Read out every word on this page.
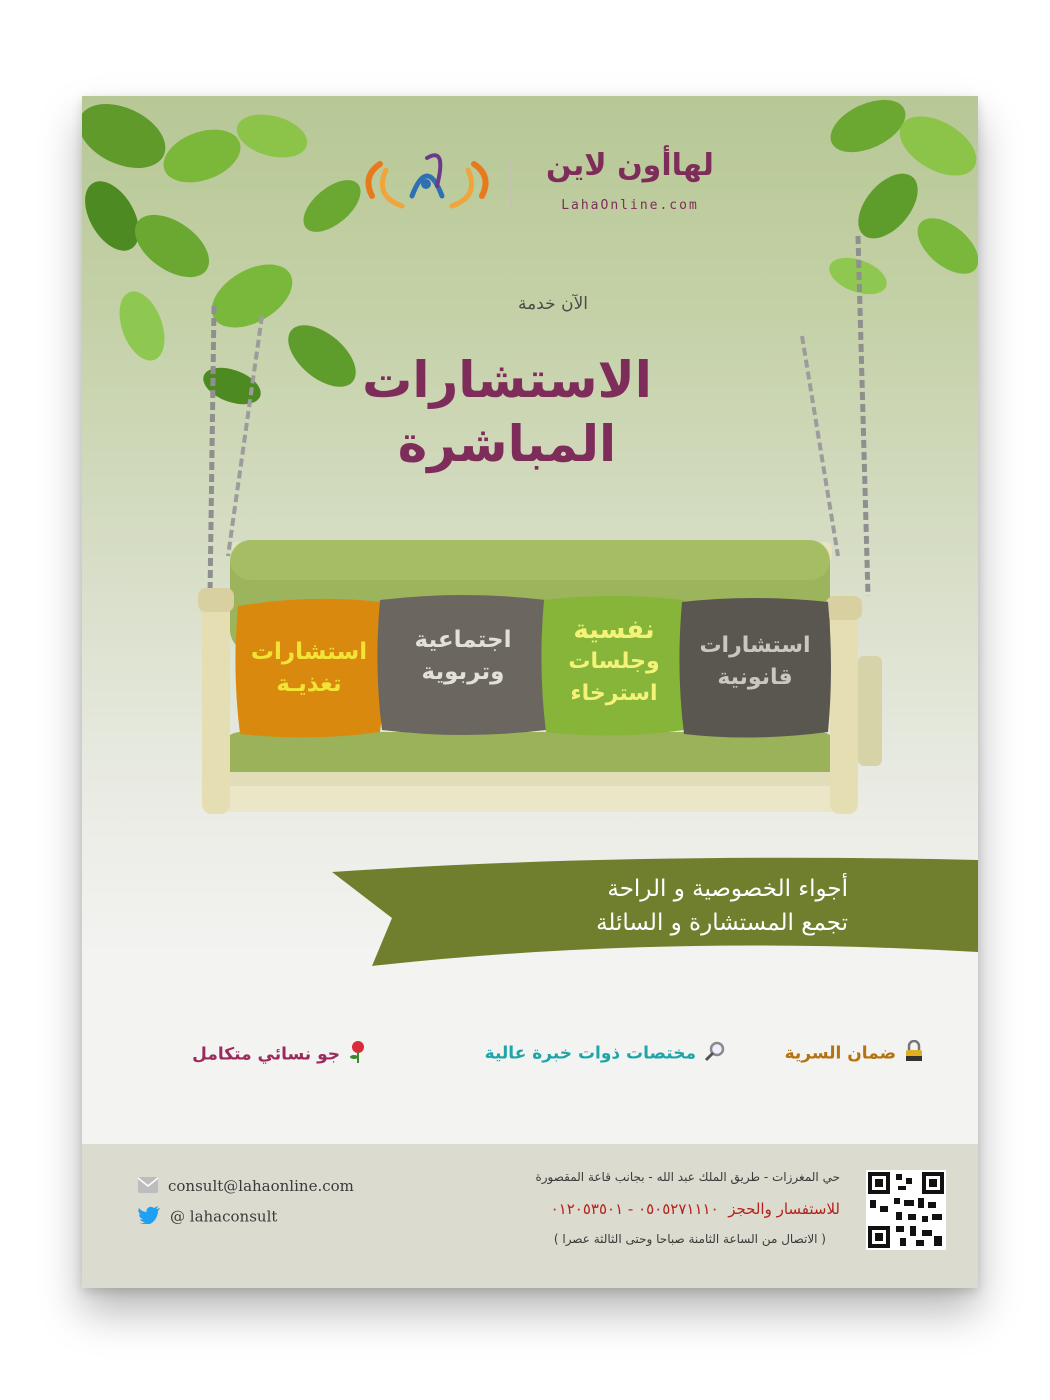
لهاأون لاين
LahaOnline.com
الآن خدمة
الاستشارات
المباشرة
استشارات
تغذيـة
اجتماعية
وتربوية
نفسية
وجلسات
استرخاء
استشارات
قانونية
أجواء الخصوصية و الراحة
تجمع المستشارة و السائلة
ضمان السرية
مختصات ذوات خبرة عالية
جو نسائي متكامل
consult@lahaonline.com
@ lahaconsult
حي المغرزات - طريق الملك عبد الله - بجانب قاعة المقصورة
للاستفسار والحجز  ٠٥٠٥٢٧١١١٠ - ٠١٢٠٥٣٥٠١
( الاتصال من الساعة الثامنة صباحا وحتى الثالثة عصرا )
